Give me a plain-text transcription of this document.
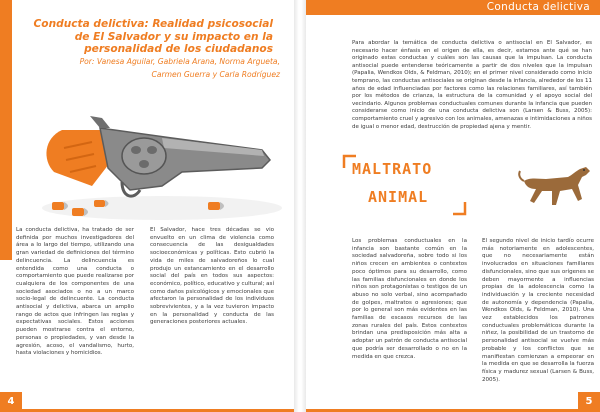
Conducta delictiva: Realidad psicosocial de El Salvador y su impacto en la personalidad de los ciudadanos
Por: Vanesa Aguilar, Gabriela Arana, Norma Argueta,
Carmen Guerra y Carla Rodríguez
La conducta delictiva, ha tratado de ser definida por muchos investigadores del área a lo largo del tiempo, utilizando una gran variedad de definiciones del término delincuencia. La delincuencia es entendida como una conducta o comportamiento que puede realizarse por cualquiera de los componentes de una sociedad asociados o no a un marco socio-legal de delincuente. La conducta antisocial y delictiva, abarca un amplio rango de actos que infringen las reglas y expectativas sociales. Estos acciones pueden mostrarse contra el entorno, personas o propiedades, y van desde la agresión, acoso, el vandalismo, hurto, hasta violaciones y homicidios.
El Salvador, hace tres décadas se vio envuelto en un clima de violencia como consecuencia de las desigualdades socioeconómicas y políticas. Esto cubrió la vida de miles de salvadoreños lo cual produjo un estancamiento en el desarrollo social del país en todos sus aspectos: económico, político, educativo y cultural; así como daños psicológicos y emocionales que afectaron la personalidad de los individuos sobrevivientes, y a la vez tuvieron impacto en la personalidad y conducta de las generaciones posteriores actuales.
4
Conducta delictiva
Para abordar la temática de conducta delictiva o antisocial en El Salvador, es necesario hacer énfasis en el origen de ella, es decir, estamos ante qué se han originado estas conductas y cuáles son las causas que la impulsan. La conducta antisocial puede entenderse teóricamente a partir de dos niveles que la impulsan (Papalia, Wendkos Olds, & Feldman, 2010); en el primer nivel considerado como inicio temprano, las conductas antisociales se originan desde la infancia, alrededor de los 11 años de edad influenciadas por factores como las relaciones familiares, así también por los métodos de crianza, la estructura de la comunidad y el apoyo social del vecindario. Algunos problemas conductuales comunes durante la infancia que pueden considerarse como inicio de una conducta delictiva son (Larsen & Buss, 2005): comportamiento cruel y agresivo con los animales, amenazas e intimidaciones a niños de igual o menor edad, destrucción de propiedad ajena y mentir.
MALTRATO
ANIMAL
Los problemas conductuales en la infancia son bastante común en la sociedad salvadoreña, sobre todo si los niños crecen en ambientes o contextos poco óptimos para su desarrollo, como las familias disfuncionales en donde los niños son protagonistas o testigos de un abuso no solo verbal, sino acompañado de golpes, maltratos o agresiones; que por lo general son más evidentes en las familias de escasos recursos de las zonas rurales del país. Estos contextos brindan una predisposición más alta a adoptar un patrón de conducta antisocial que podría ser desarrollado o no en la medida en que crezca.
El segundo nivel de inicio tardío ocurre más notoriamente en adolescentes, que no necesariamente están involucrados en situaciones familiares disfuncionales, sino que sus orígenes se deben mayormente a influencias propias de la adolescencia como la individuación y la creciente necesidad de autonomía y dependencia (Papalia, Wendkos Olds, & Feldman, 2010). Una vez establecidos los patrones conductuales problemáticos durante la niñez, la posibilidad de un trastorno de personalidad antisocial se vuelve más probable y los conflictos que se manifiestan comienzan a empeorar en la medida en que se desarrolla la fuerza física y madurez sexual (Larsen & Buss, 2005).
5
